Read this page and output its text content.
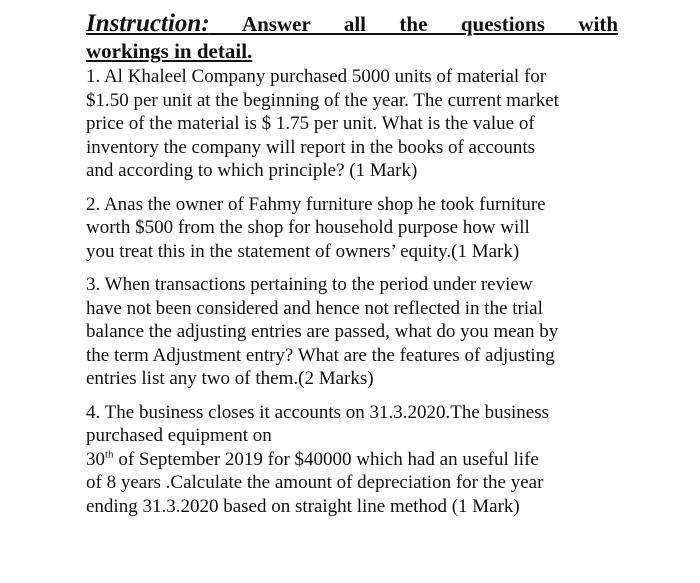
Instruction: Answer all the questions with
workings in detail.
1. Al Khaleel Company purchased 5000 units of material for
$1.50 per unit at the beginning of the year. The current market
price of the material is $ 1.75 per unit. What is the value of
inventory the company will report in the books of accounts
and according to which principle? (1 Mark)
2. Anas the owner of Fahmy furniture shop he took furniture
worth $500 from the shop for household purpose how will
you treat this in the statement of owners’ equity.(1 Mark)
3. When transactions pertaining to the period under review
have not been considered and hence not reflected in the trial
balance the adjusting entries are passed, what do you mean by
the term Adjustment entry? What are the features of adjusting
entries list any two of them.(2 Marks)
4. The business closes it accounts on 31.3.2020.The business
purchased equipment on
30th of September 2019 for $40000 which had an useful life
of 8 years .Calculate the amount of depreciation for the year
ending 31.3.2020 based on straight line method (1 Mark)
